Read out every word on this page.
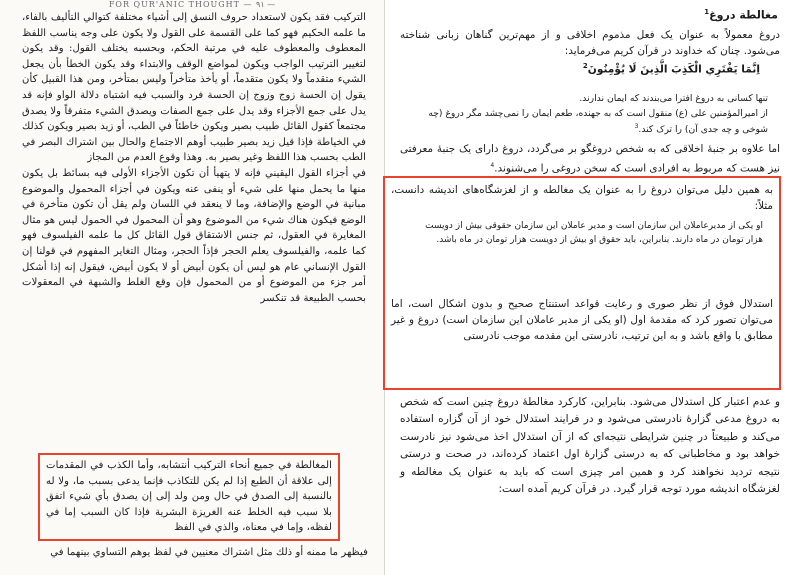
FOR QUR'ANIC THOUGHT — ٩١ —

التركيب فقد يكون لاستعداد حروف النسق إلى أشياء مختلفة كتوالي التأليف بالفاء، ما علمه الحكيم فهو كما على القسمة على القول ولا يكون على وجه يناسب اللفظ المعطوف والمعطوف عليه في مرتبة الحكم، وبحسبه يختلف القول: وقد يكون لتغيير الترتيب الواجب ويكون لمواضع الوقف والابتداء وقد يكون الخطأ بأن يجعل الشيء متقدماً ولا يكون متقدماً، أو يأخذ متأخراً وليس بمتأخر، ومن هذا القبيل كأن يقول إن الحسة زوج وزوج إن الحسة فرد والسبب فيه اشتباه دلالة الواو فإنه قد يدل على جمع الأجزاء وقد يدل على جمع الصفات ويصدق الشيء متفرقاً ولا يصدق مجتمعاً كقول القائل طبيب بصير ويكون خاطئاً في الطب، أو زيد بصير ويكون كذلك في الخياطة فإذا قيل زيد بصير طبيب أوهم الاجتماع والحال بين اشتراك البصر في الطب بحسب هذا اللفظ وغير بصير به. وهذا وقوع العدم من المجاز

في أجزاء القول اليقيني فإنه لا يتهيأ أن تكون الأجزاء الأولى فيه بسائط بل يكون منها ما يحمل منها على شيء أو ينفى عنه ويكون في أجزاء المحمول والموضوع مبانية في الوضع والإضافة، وما لا ينعقد في اللسان ولم يقل أن تكون متأخرة في الوضع فيكون هناك شيء من الموضوع وهو أن المحمول في الحمول ليس هو مثال المغايرة في العقول، ثم جنس الاشتقاق قول القائل كل ما علمه الفيلسوف فهو كما علمه، والفيلسوف يعلم الحجر فإذاً الحجر، ومثال التغاير المفهوم في قولنا إن القول الإنساني عام هو ليس أن يكون أبيض أو لا يكون أبيض، فيقول إنه إذا أشكل أمر جزء من الموضوع أو من المحمول فإن وقع الغلط والشبهة في المعقولات بحسب الطبيعة قد تنكسر

المغالطة في جميع أنحاء التركيب أنتشابه، وأما الكذب في المقدمات إلى علاقة أن الطبع إذا لم يكن للتكاذب فإنما يدعى بسبب ما، ولا له بالنسبة إلى الصدق في حال ومن ولد إلى إن يصدق بأي شيء اتفق بلا سبب فيه الخلط عنه الغريزة البشرية فإذا كان السبب إما في لفظه، وإما في معناه، والذي في الفظ
فيظهر ما ممنه أو ذلك مثل اشتراك معنيين في لفظ يوهم التساوي بينهما في
مغالطة دروغ$^1$
دروغ معمولاً به عنوان یک فعل مذموم اخلاقی و از مهم‌ترین گناهان زبانی شناخته می‌شود. چنان که خداوند در قرآن کریم می‌فرماید:
اِنَّمَا يَفْتَرِي الْكَذِبَ الَّذِينَ لَا يُؤْمِنُونَ$^2$
تنها کسانی به دروغ افترا می‌بندند که ایمان ندارند.
از امیرالمؤمنین علی (ع) منقول است که به جهنده، طعم ایمان را نمی‌چشد مگر دروغ (چه شوخی و چه جدی آن) را ترک کند.$^3$
اما علاوه بر جنبهٔ اخلاقی که به شخص دروغگو بر می‌گردد، دروغ دارای یک جنبهٔ معرفتی نیز هست که مربوط به افرادی است که سخن دروغی را می‌شنوند.$^4$
به همین دلیل می‌توان دروغ را به عنوان یک مغالطه و از لغزشگاه‌های اندیشه دانست، مثلاً:
او یکی از مدیرعاملان این سازمان است و مدیر عاملان این سازمان حقوقی بیش از دویست هزار تومان در ماه دارند. بنابراین، باید حقوق او بیش از دویست هزار تومان در ماه باشد.
استدلال فوق از نظر صوری و رعایت قواعد استنتاج صحیح و بدون اشکال است، اما می‌توان تصور کرد که مقدمهٔ اول (او یکی از مدیر عاملان این سازمان است) دروغ و غیر مطابق با واقع باشد و به این ترتیب، نادرستی این مقدمه موجب نادرستی
و عدم اعتبار کل استدلال می‌شود. بنابراین، کارکرد مغالطهٔ دروغ چنین است که شخص به دروغ مدعی گزارهٔ نادرستی می‌شود و در فرایند استدلال خود از آن گزاره استفاده می‌کند و طبیعتاً در چنین شرایطی نتیجه‌ای که از آن استدلال اخذ می‌شود نیز نادرست خواهد بود و مخاطبانی که به درستی گزارهٔ اول اعتماد کرده‌اند، در صحت و درستی نتیجه تردید نخواهند کرد و همین امر چیزی است که باید به عنوان یک مغالطه و لغزشگاه اندیشه مورد توجه قرار گیرد. در قرآن کریم آمده است:
